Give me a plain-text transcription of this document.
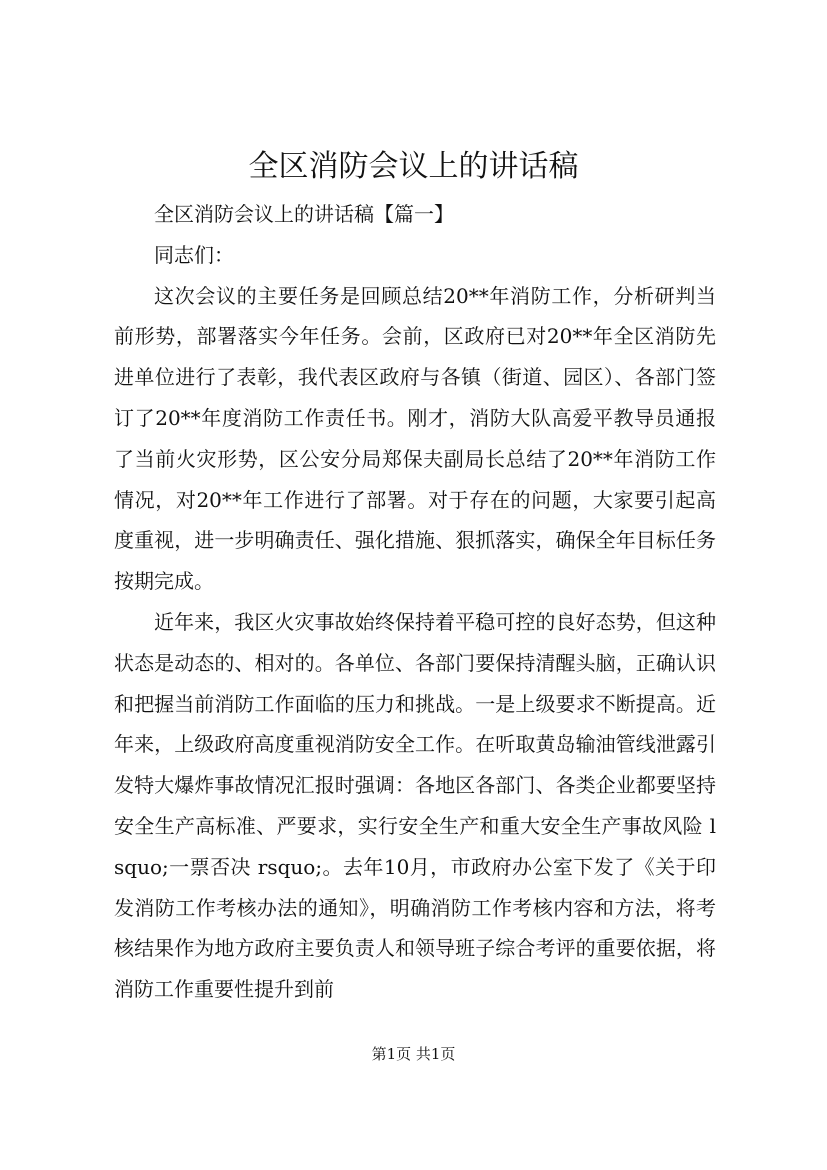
全区消防会议上的讲话稿

全区消防会议上的讲话稿【篇一】

同志们：

这次会议的主要任务是回顾总结20**年消防工作，分析研判当前形势，部署落实今年任务。会前，区政府已对20**年全区消防先进单位进行了表彰，我代表区政府与各镇（街道、园区）、各部门签订了20**年度消防工作责任书。刚才，消防大队高爱平教导员通报了当前火灾形势，区公安分局郑保夫副局长总结了20**年消防工作情况，对20**年工作进行了部署。对于存在的问题，大家要引起高度重视，进一步明确责任、强化措施、狠抓落实，确保全年目标任务按期完成。

近年来，我区火灾事故始终保持着平稳可控的良好态势，但这种状态是动态的、相对的。各单位、各部门要保持清醒头脑，正确认识和把握当前消防工作面临的压力和挑战。一是上级要求不断提高。近年来，上级政府高度重视消防安全工作。在听取黄岛输油管线泄露引发特大爆炸事故情况汇报时强调：各地区各部门、各类企业都要坚持安全生产高标准、严要求，实行安全生产和重大安全生产事故风险 lsquo;一票否决 rsquo;。去年10月，市政府办公室下发了《关于印发消防工作考核办法的通知》，明确消防工作考核内容和方法，将考核结果作为地方政府主要负责人和领导班子综合考评的重要依据，将消防工作重要性提升到前

第1页 共1页
